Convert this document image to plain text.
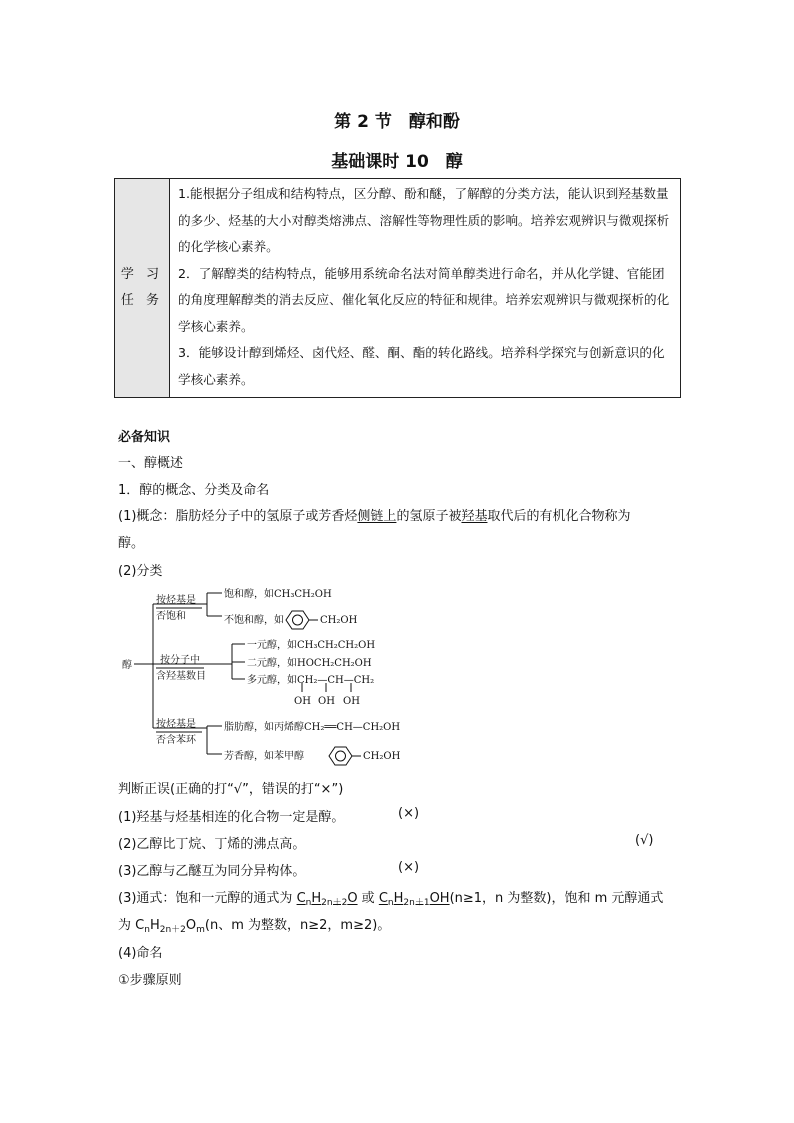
第 2 节　醇和酚
基础课时 10　醇
学 习
任 务

1.能根据分子组成和结构特点，区分醇、酚和醚，了解醇的分类方法，能认识到羟基数量的多少、烃基的大小对醇类熔沸点、溶解性等物理性质的影响。培养宏观辨识与微观探析的化学核心素养。
2．了解醇类的结构特点，能够用系统命名法对简单醇类进行命名，并从化学键、官能团的角度理解醇类的消去反应、催化氧化反应的特征和规律。培养宏观辨识与微观探析的化学核心素养。
3．能够设计醇到烯烃、卤代烃、醛、酮、酯的转化路线。培养科学探究与创新意识的化学核心素养。
必备知识
一、醇概述
1．醇的概念、分类及命名
(1)概念：脂肪烃分子中的氢原子或芳香烃侧链上的氢原子被羟基取代后的有机化合物称为
醇。
(2)分类
醇
按烃基是
否饱和
饱和醇，如CH₃CH₂OH
不饱和醇，如	CH₂OH
按分子中
含羟基数目
一元醇，如CH₃CH₂CH₂OH
二元醇，如HOCH₂CH₂OH
多元醇，如CH₂—CH—CH₂
OH OH OH
按烃基是
否含苯环
脂肪醇，如丙烯醇CH₂══CH—CH₂OH
芳香醇，如苯甲醇	CH₂OH
判断正误(正确的打“√”，错误的打“×”)
(1)羟基与烃基相连的化合物一定是醇。	(×)
(2)乙醇比丁烷、丁烯的沸点高。	(√)
(3)乙醇与乙醚互为同分异构体。	(×)
(3)通式：饱和一元醇的通式为 $C_nH_{2n+2}O$ 或 $C_nH_{2n+1}OH(n\ge 1$，n 为整数)，饱和 m 元醇通式
为 $C_nH_{2n+2}O_m(n$、m 为整数，n≥2，m≥2)。
(4)命名
①步骤原则
